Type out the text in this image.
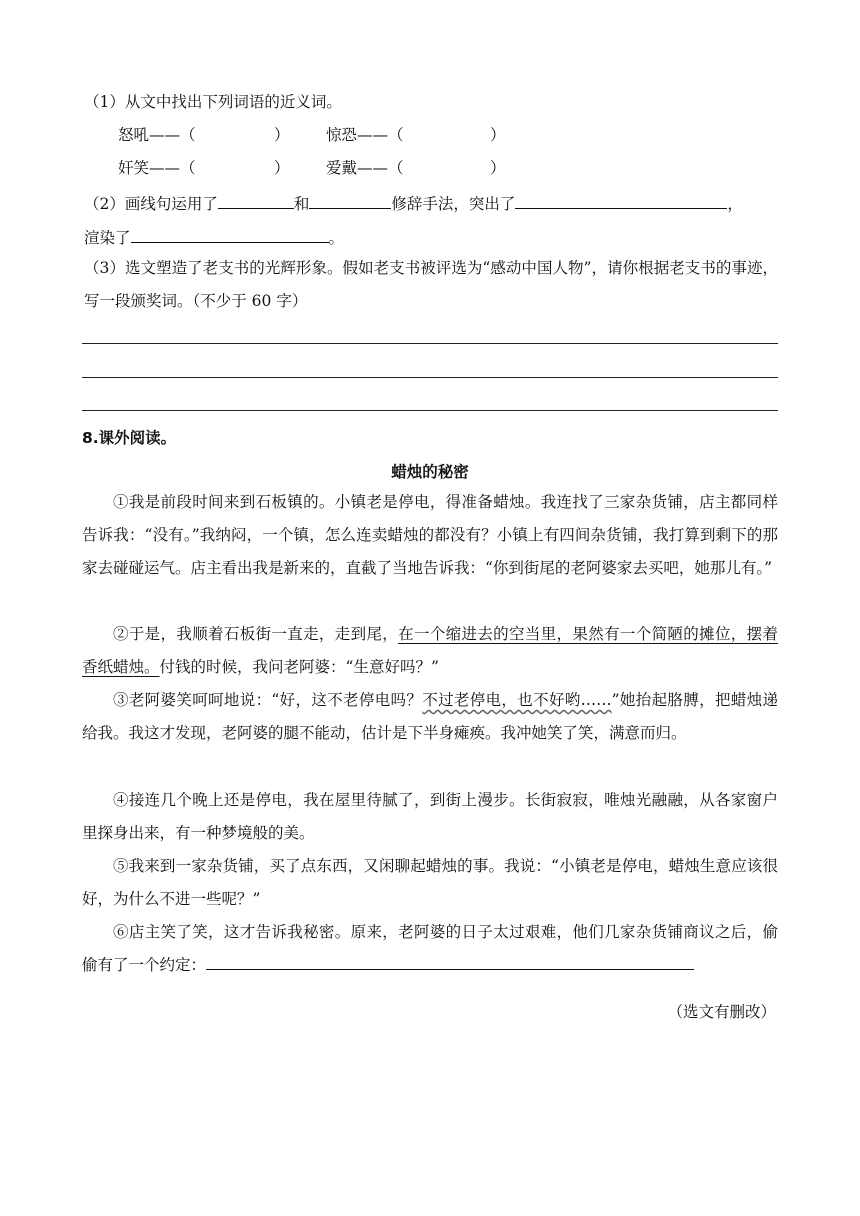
（1）从文中找出下列词语的近义词。
怒吼——（	） 惊恐——（	）
奸笑——（	） 爱戴——（	）
（2）画线句运用了	和	修辞手法，突出了	，
渲染了	。
（3）选文塑造了老支书的光辉形象。假如老支书被评选为“感动中国人物”，请你根据老支书的事迹，写一段颁奖词。（不少于 60 字）
8.课外阅读。
蜡烛的秘密
①我是前段时间来到石板镇的。小镇老是停电，得准备蜡烛。我连找了三家杂货铺，店主都同样告诉我：“没有。”我纳闷，一个镇，怎么连卖蜡烛的都没有？小镇上有四间杂货铺，我打算到剩下的那家去碰碰运气。店主看出我是新来的，直截了当地告诉我：“你到街尾的老阿婆家去买吧，她那儿有。”
②于是，我顺着石板街一直走，走到尾，在一个缩进去的空当里，果然有一个简陋的摊位，摆着香纸蜡烛。付钱的时候，我问老阿婆：“生意好吗？”
③老阿婆笑呵呵地说：“好，这不老停电吗？不过老停电，也不好哟……”她抬起胳膊，把蜡烛递给我。我这才发现，老阿婆的腿不能动，估计是下半身瘫痪。我冲她笑了笑，满意而归。
④接连几个晚上还是停电，我在屋里待腻了，到街上漫步。长街寂寂，唯烛光融融，从各家窗户里探身出来，有一种梦境般的美。
⑤我来到一家杂货铺，买了点东西，又闲聊起蜡烛的事。我说：“小镇老是停电，蜡烛生意应该很好，为什么不进一些呢？”
⑥店主笑了笑，这才告诉我秘密。原来，老阿婆的日子太过艰难，他们几家杂货铺商议之后，偷偷有了一个约定：
（选文有删改）
